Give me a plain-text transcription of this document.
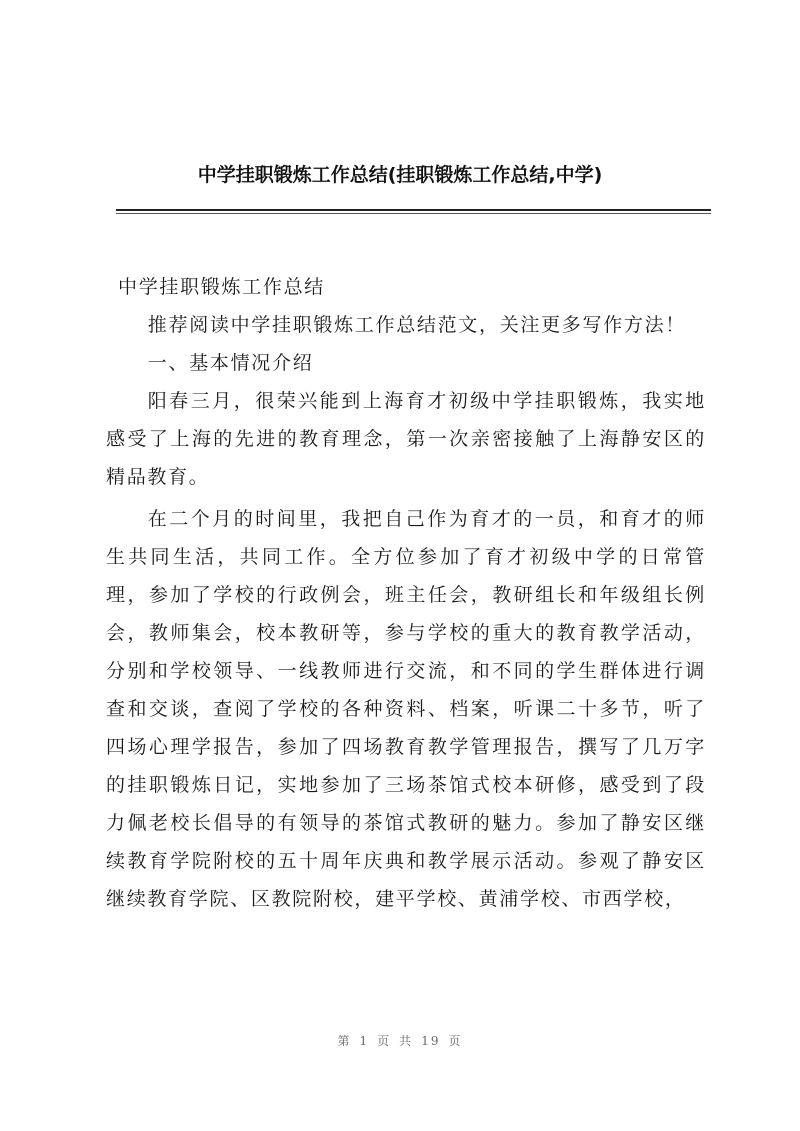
中学挂职锻炼工作总结(挂职锻炼工作总结,中学)

中学挂职锻炼工作总结

推荐阅读中学挂职锻炼工作总结范文，关注更多写作方法！

一、基本情况介绍

阳春三月，很荣兴能到上海育才初级中学挂职锻炼，我实地感受了上海的先进的教育理念，第一次亲密接触了上海静安区的精品教育。

在二个月的时间里，我把自己作为育才的一员，和育才的师生共同生活，共同工作。全方位参加了育才初级中学的日常管理，参加了学校的行政例会，班主任会，教研组长和年级组长例会，教师集会，校本教研等，参与学校的重大的教育教学活动，分别和学校领导、一线教师进行交流，和不同的学生群体进行调查和交谈，查阅了学校的各种资料、档案，听课二十多节，听了四场心理学报告，参加了四场教育教学管理报告，撰写了几万字的挂职锻炼日记，实地参加了三场茶馆式校本研修，感受到了段力佩老校长倡导的有领导的茶馆式教研的魅力。参加了静安区继续教育学院附校的五十周年庆典和教学展示活动。参观了静安区继续教育学院、区教院附校，建平学校、黄浦学校、市西学校，

第 1 页 共 19 页
